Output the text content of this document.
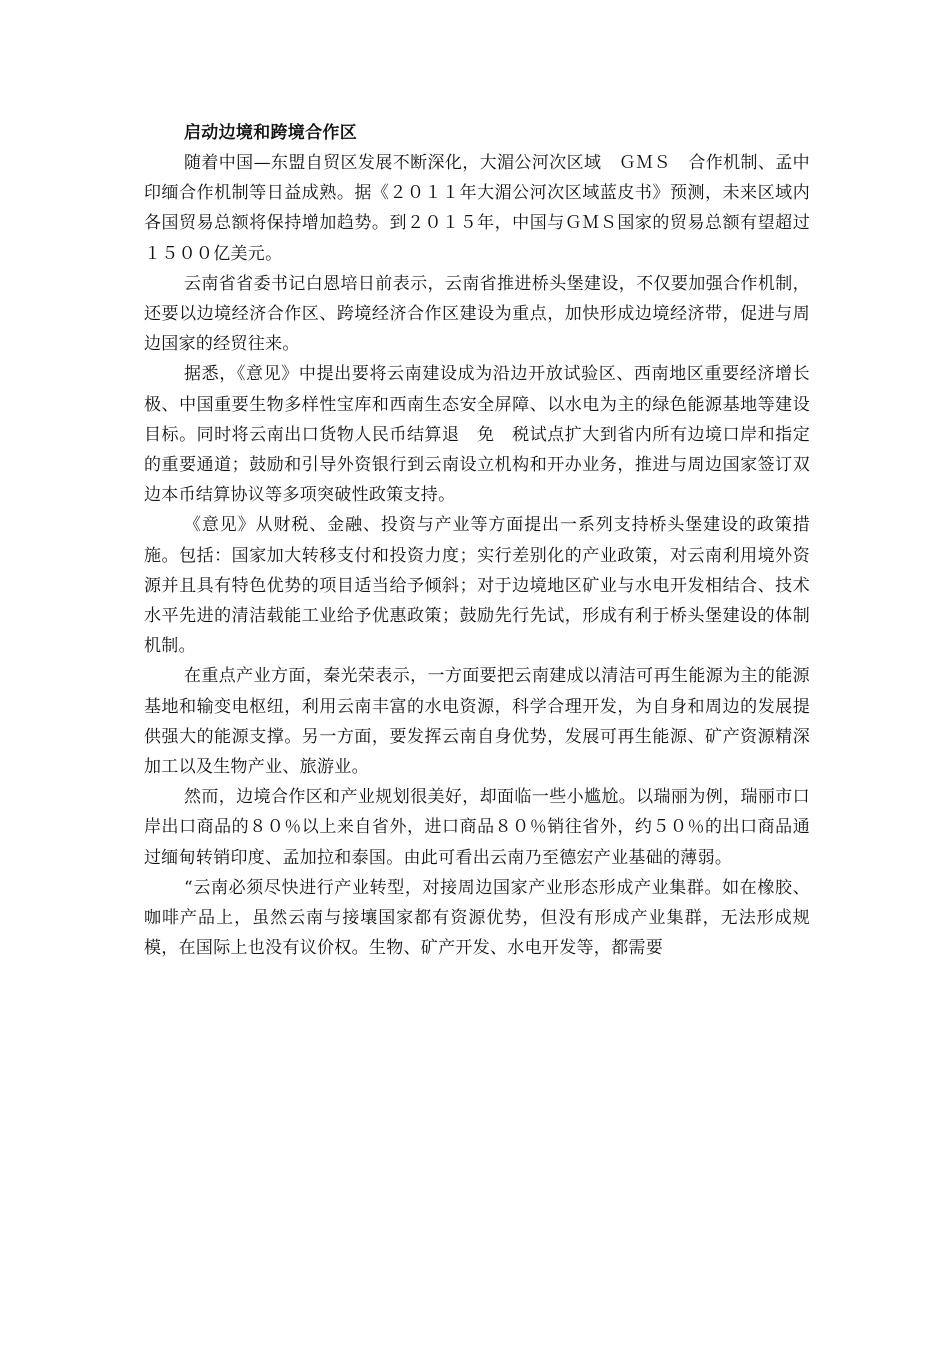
启动边境和跨境合作区

随着中国—东盟自贸区发展不断深化，大湄公河次区域　ＧＭＳ　合作机制、孟中印缅合作机制等日益成熟。据《２０１１年大湄公河次区域蓝皮书》预测，未来区域内各国贸易总额将保持增加趋势。到２０１５年，中国与ＧＭＳ国家的贸易总额有望超过１５００亿美元。

云南省省委书记白恩培日前表示，云南省推进桥头堡建设，不仅要加强合作机制，还要以边境经济合作区、跨境经济合作区建设为重点，加快形成边境经济带，促进与周边国家的经贸往来。

据悉，《意见》中提出要将云南建设成为沿边开放试验区、西南地区重要经济增长极、中国重要生物多样性宝库和西南生态安全屏障、以水电为主的绿色能源基地等建设目标。同时将云南出口货物人民币结算退　免　税试点扩大到省内所有边境口岸和指定的重要通道；鼓励和引导外资银行到云南设立机构和开办业务，推进与周边国家签订双边本币结算协议等多项突破性政策支持。

《意见》从财税、金融、投资与产业等方面提出一系列支持桥头堡建设的政策措施。包括：国家加大转移支付和投资力度；实行差别化的产业政策，对云南利用境外资源并且具有特色优势的项目适当给予倾斜；对于边境地区矿业与水电开发相结合、技术水平先进的清洁载能工业给予优惠政策；鼓励先行先试，形成有利于桥头堡建设的体制机制。

在重点产业方面，秦光荣表示，一方面要把云南建成以清洁可再生能源为主的能源基地和输变电枢纽，利用云南丰富的水电资源，科学合理开发，为自身和周边的发展提供强大的能源支撑。另一方面，要发挥云南自身优势，发展可再生能源、矿产资源精深加工以及生物产业、旅游业。

然而，边境合作区和产业规划很美好，却面临一些小尴尬。以瑞丽为例，瑞丽市口岸出口商品的８０％以上来自省外，进口商品８０％销往省外，约５０％的出口商品通过缅甸转销印度、孟加拉和泰国。由此可看出云南乃至德宏产业基础的薄弱。

“云南必须尽快进行产业转型，对接周边国家产业形态形成产业集群。如在橡胶、咖啡产品上，虽然云南与接壤国家都有资源优势，但没有形成产业集群，无法形成规模，在国际上也没有议价权。生物、矿产开发、水电开发等，都需要
